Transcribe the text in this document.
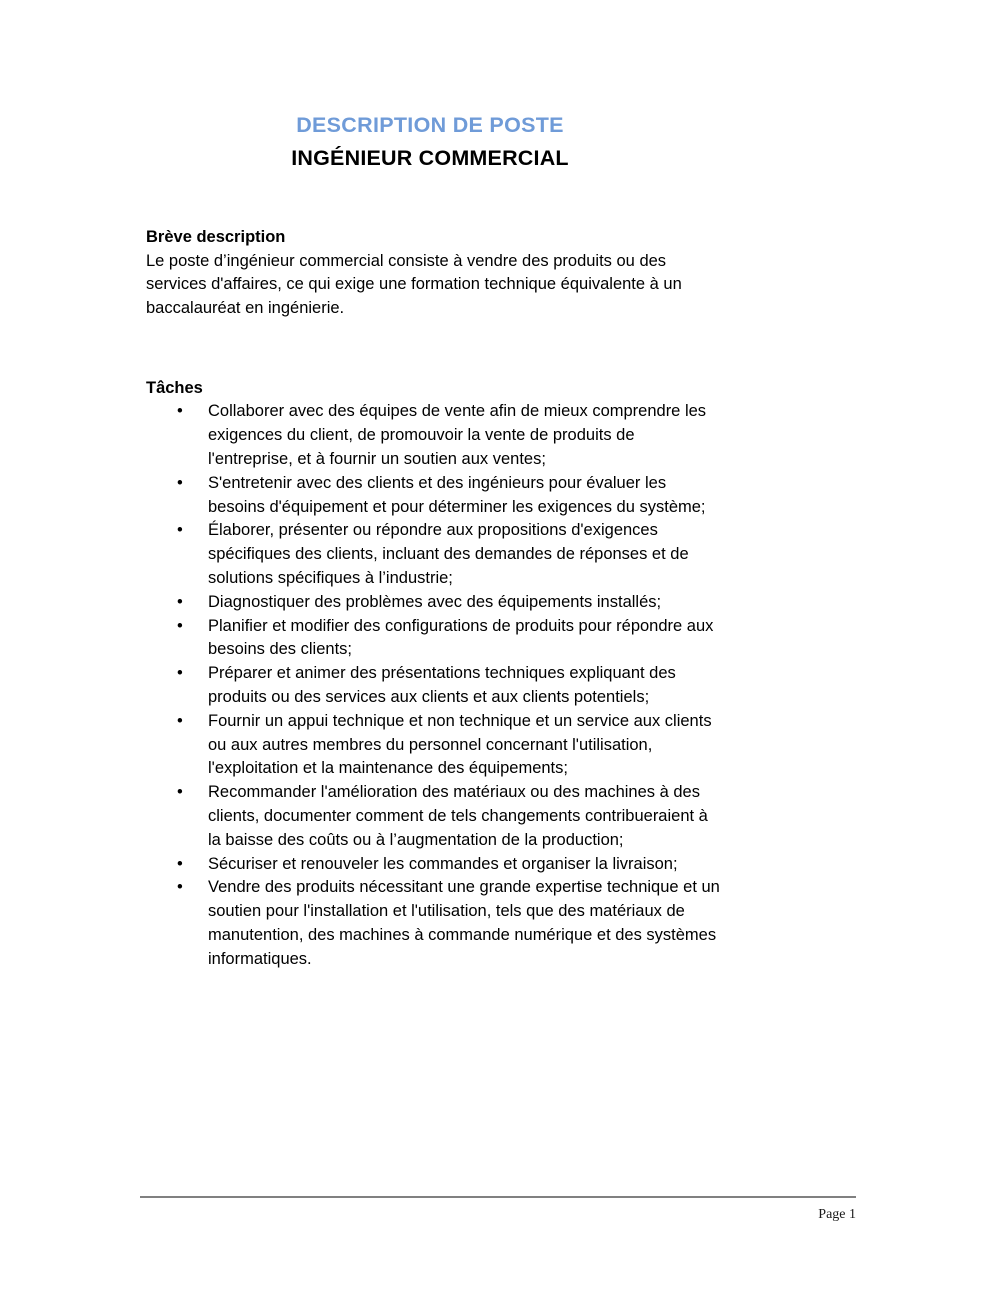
DESCRIPTION DE POSTE
INGÉNIEUR COMMERCIAL
Brève description

Le poste d’ingénieur commercial consiste à vendre des produits ou des services d'affaires, ce qui exige une formation technique équivalente à un baccalauréat en ingénierie.

Tâches
• Collaborer avec des équipes de vente afin de mieux comprendre les exigences du client, de promouvoir la vente de produits de l'entreprise, et à fournir un soutien aux ventes;
• S'entretenir avec des clients et des ingénieurs pour évaluer les besoins d'équipement et pour déterminer les exigences du système;
• Élaborer, présenter ou répondre aux propositions d'exigences spécifiques des clients, incluant des demandes de réponses et de solutions spécifiques à l’industrie;
• Diagnostiquer des problèmes avec des équipements installés;
• Planifier et modifier des configurations de produits pour répondre aux besoins des clients;
• Préparer et animer des présentations techniques expliquant des produits ou des services aux clients et aux clients potentiels;
• Fournir un appui technique et non technique et un service aux clients ou aux autres membres du personnel concernant l'utilisation, l'exploitation et la maintenance des équipements;
• Recommander l'amélioration des matériaux ou des machines à des clients, documenter comment de tels changements contribueraient à la baisse des coûts ou à l’augmentation de la production;
• Sécuriser et renouveler les commandes et organiser la livraison;
• Vendre des produits nécessitant une grande expertise technique et un soutien pour l'installation et l'utilisation, tels que des matériaux de manutention, des machines à commande numérique et des systèmes informatiques.
Page 1
